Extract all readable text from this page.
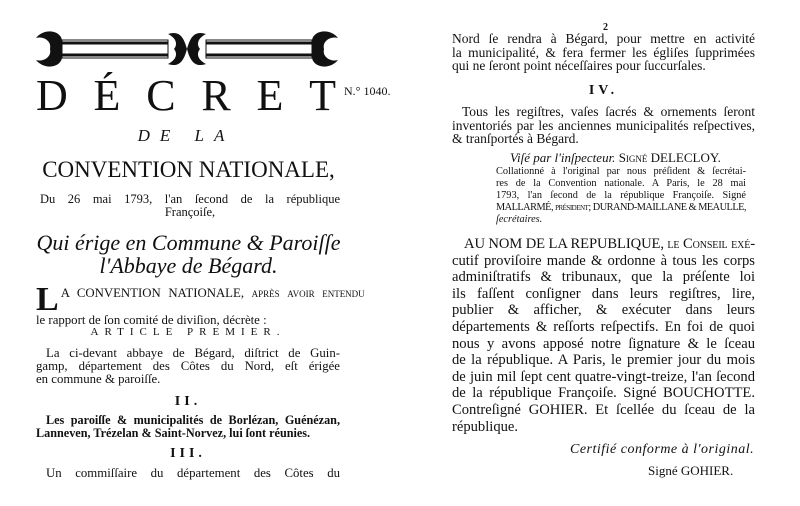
D É C R E T N.° 1040.
DE LA
CONVENTION NATIONALE,
Du 26 mai 1793, l'an ſecond de la république
Françoiſe,
Qui érige en Commune & Paroiſſe
l'Abbaye de Bégard.
L A CONVENTION NATIONALE, après avoir entendu
le rapport de ſon comité de diviſion, décrète :
ARTICLE PREMIER.
La ci-devant abbaye de Bégard, diſtrict de Guin-
gamp, département des Côtes du Nord, eſt érigée
en commune & paroiſſe.
II.
Les paroiſſe & municipalités de Borlézan, Guénézan,
Lanneven, Trézelan & Saint-Norvez, lui ſont réunies.
III.
Un commiſſaire du département des Côtes du
2
Nord ſe rendra à Bégard, pour mettre en activité
la municipalité, & fera fermer les égliſes ſupprimées
qui ne ſeront point néceſſaires pour ſuccurſales.
IV.
Tous les regiſtres, vaſes ſacrés & ornements ſeront
inventoriés par les anciennes municipalités reſpectives,
& tranſportés à Bégard.
Viſé par l'inſpecteur. Signé DELECLOY.
Collationné à l'original par nous préſident & ſecrétai-
res de la Convention nationale. A Paris, le 28 mai
1793, l'an ſecond de la république Françoiſe. Signé
MALLARMÉ, préſident; DURAND-MAILLANE & MEAULLE,
ſecrétaires.
AU NOM DE LA REPUBLIQUE, le Conſeil exé-
cutif proviſoire mande & ordonne à tous les corps
adminiſtratifs & tribunaux, que la préſente loi
ils faſſent conſigner dans leurs regiſtres, lire,
publier & afficher, & exécuter dans leurs
départements & reſſorts reſpectifs. En foi de quoi
nous y avons apposé notre ſignature & le ſceau
de la république. A Paris, le premier jour du mois
de juin mil ſept cent quatre-vingt-treize, l'an ſecond
de la république Françoiſe. Signé BOUCHOTTE.
Contreſigné GOHIER. Et ſcellée du ſceau de la
république.
Certifié conforme à l'original.
Signé GOHIER.
